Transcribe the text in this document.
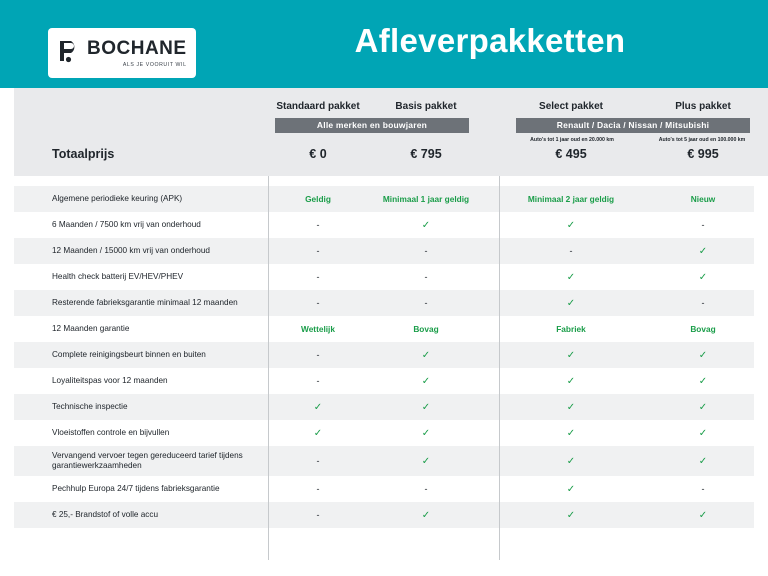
BOCHANE
ALS JE VOORUIT WIL
Afleverpakketten
Standaard pakket	Basis pakket	Select pakket	Plus pakket
Alle merken en bouwjaren	Renault / Dacia / Nissan / Mitsubishi
Auto's tot 1 jaar oud en 20.000 km	Auto's tot 5 jaar oud en 100.000 km
Totaalprijs	€ 0	€ 795	€ 495	€ 995
Algemene periodieke keuring (APK)	Geldig	Minimaal 1 jaar geldig	Minimaal 2 jaar geldig	Nieuw
6 Maanden / 7500 km vrij van onderhoud	-	✓	✓	-
12 Maanden / 15000 km vrij van onderhoud	-	-	-	✓
Health check batterij EV/HEV/PHEV	-	-	✓	✓
Resterende fabrieksgarantie minimaal 12 maanden	-	-	✓	-
12 Maanden garantie	Wettelijk	Bovag	Fabriek	Bovag
Complete reinigingsbeurt binnen en buiten	-	✓	✓	✓
Loyaliteitspas voor 12 maanden	-	✓	✓	✓
Technische inspectie	✓	✓	✓	✓
Vloeistoffen controle en bijvullen	✓	✓	✓	✓
Vervangend vervoer tegen gereduceerd tarief tijdens garantiewerkzaamheden	-	✓	✓	✓
Pechhulp Europa 24/7 tijdens fabrieksgarantie	-	-	✓	-
€ 25,- Brandstof of volle accu	-	✓	✓	✓
